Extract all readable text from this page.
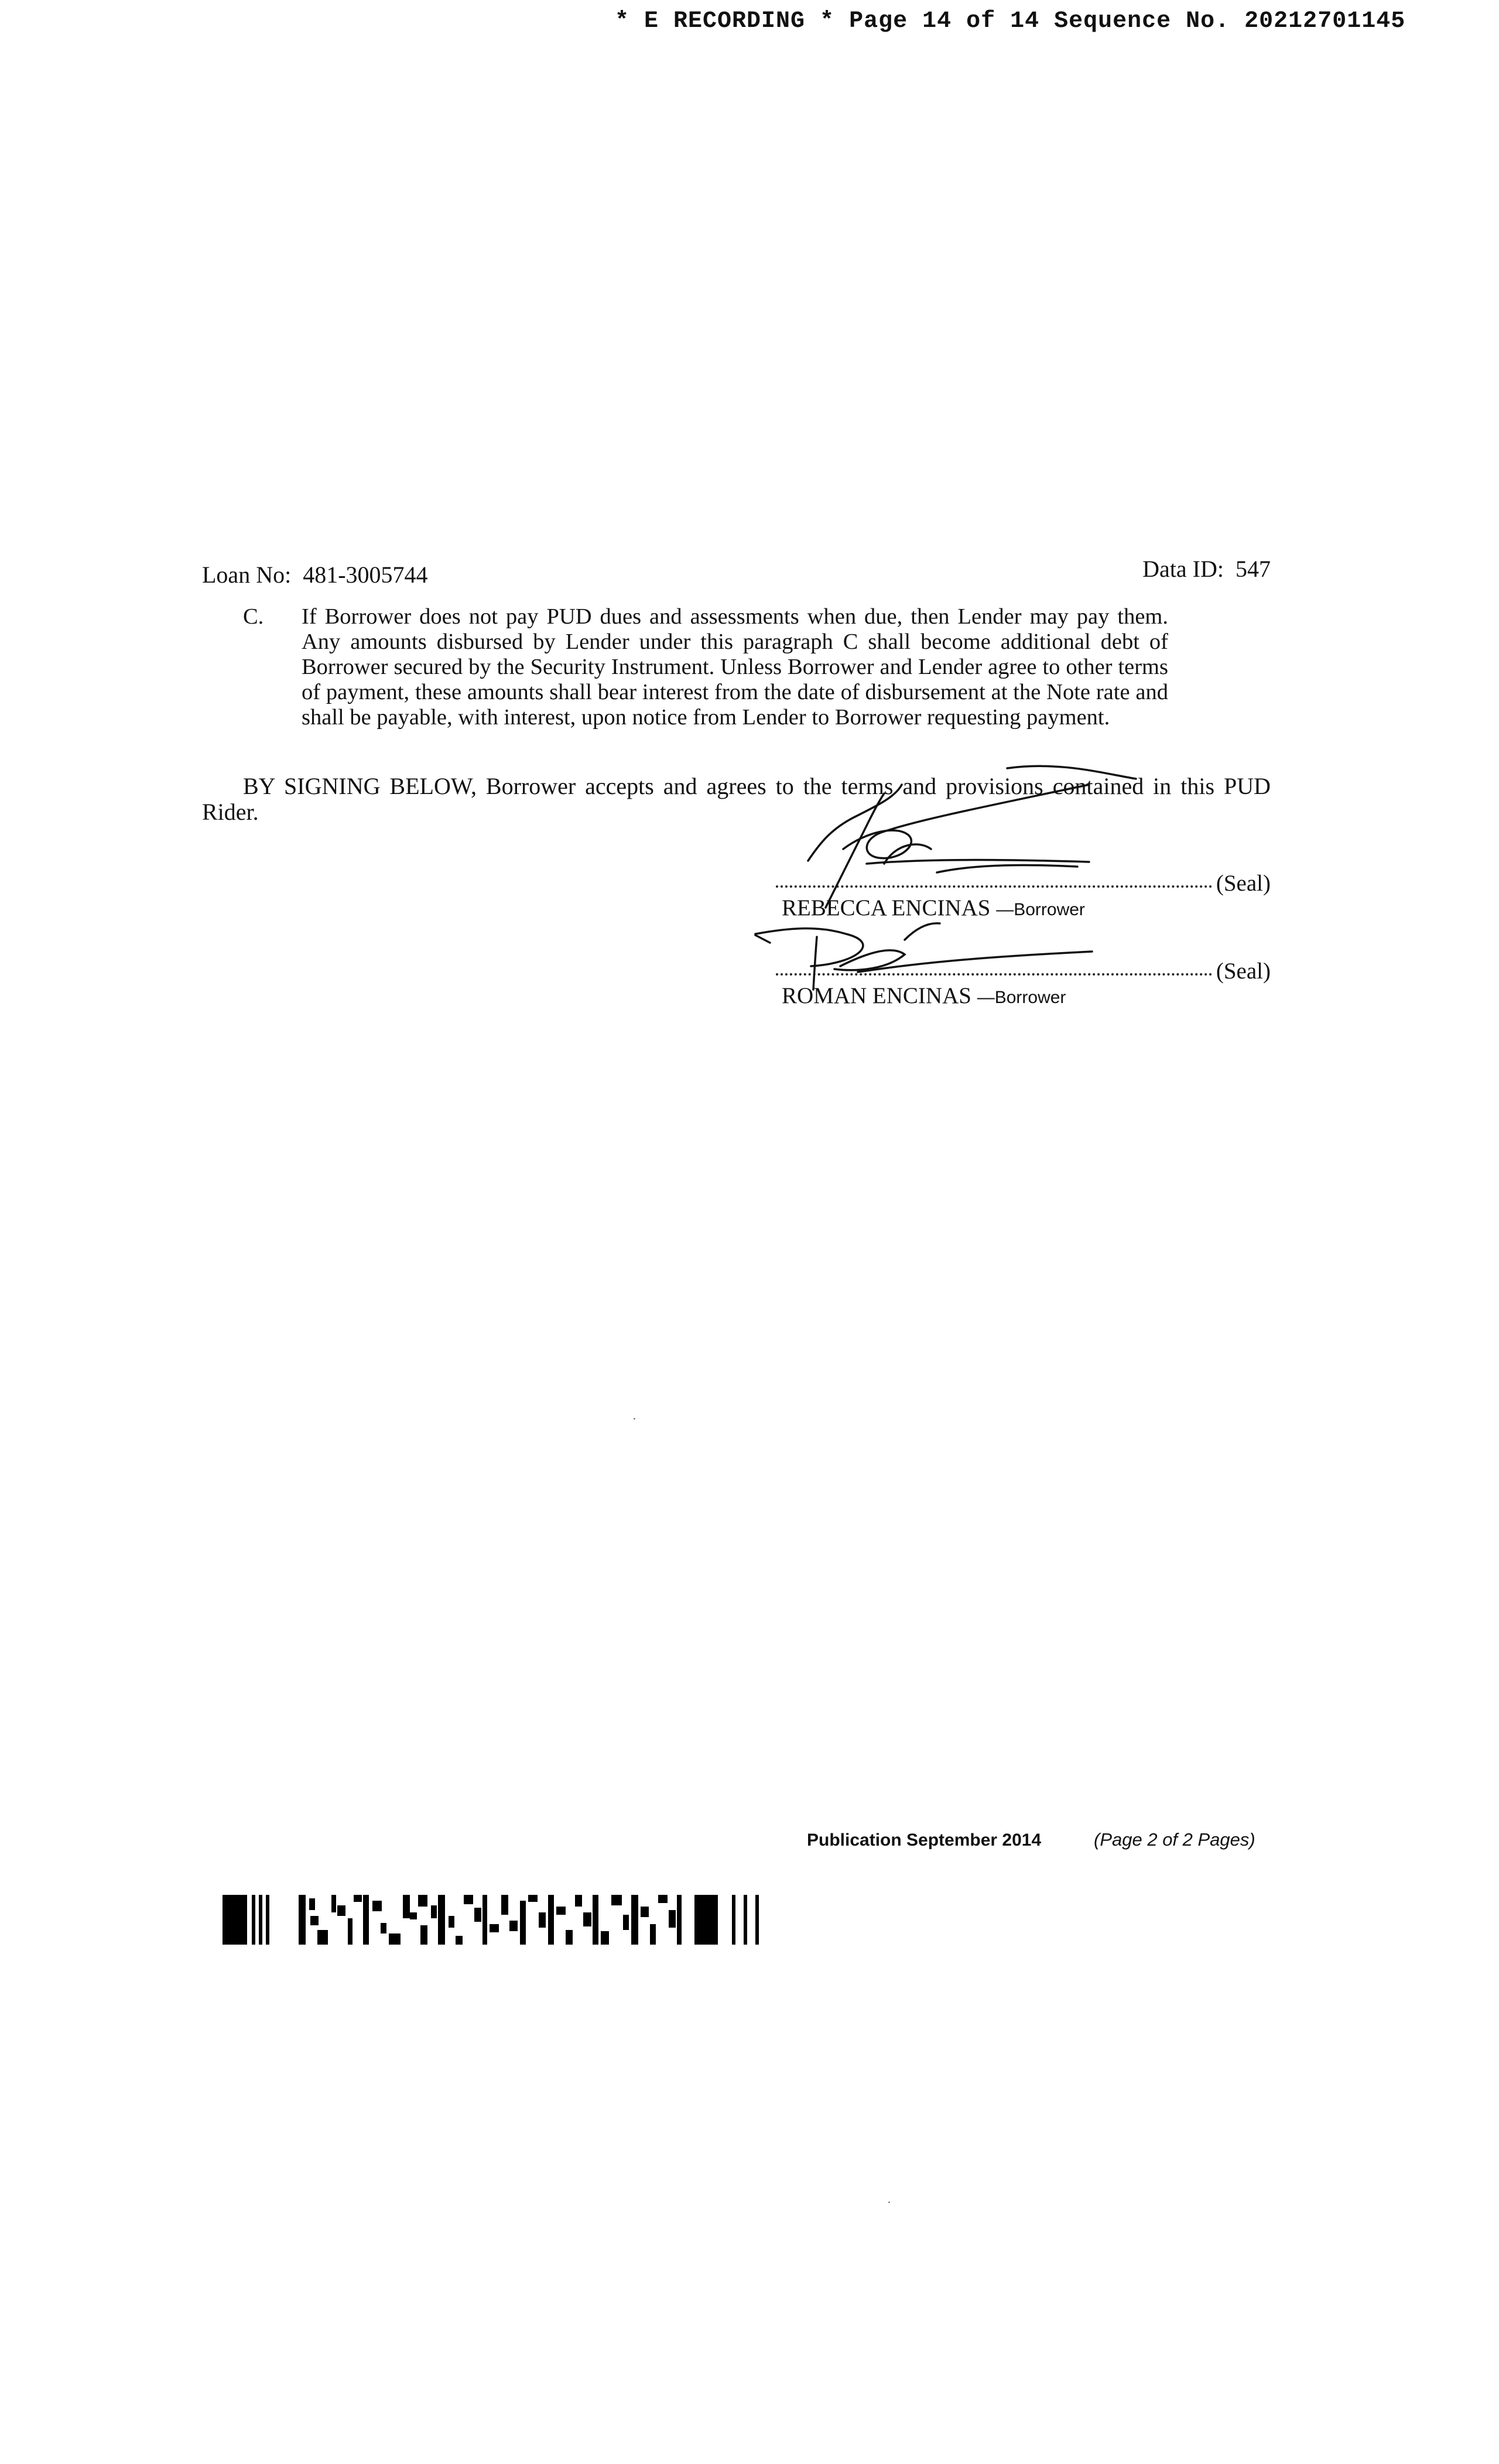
* E RECORDING * Page 14 of 14 Sequence No. 20212701145
Loan No: 481-3005744	Data ID: 547
C. If Borrower does not pay PUD dues and assessments when due, then Lender may pay them. Any amounts disbursed by Lender under this paragraph C shall become additional debt of Borrower secured by the Security Instrument. Unless Borrower and Lender agree to other terms of payment, these amounts shall bear interest from the date of disbursement at the Note rate and shall be payable, with interest, upon notice from Lender to Borrower requesting payment.
BY SIGNING BELOW, Borrower accepts and agrees to the terms and provisions contained in this PUD Rider.
(Seal)
REBECCA ENCINAS —Borrower
(Seal)
ROMAN ENCINAS —Borrower
Publication September 2014	(Page 2 of 2 Pages)
